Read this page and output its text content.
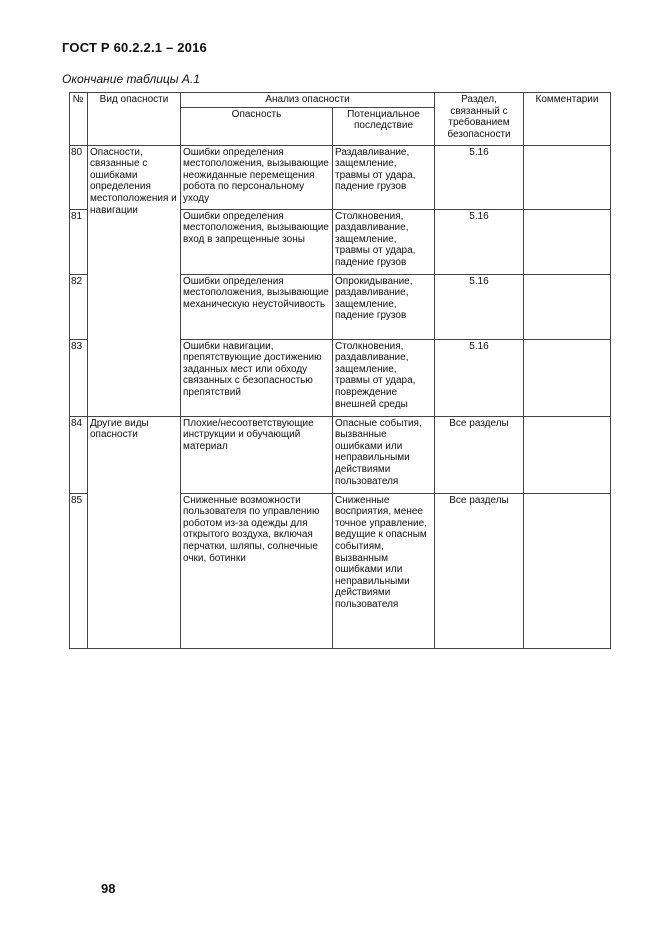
ГОСТ Р 60.2.2.1 – 2016
Окончание таблицы А.1
№	Вид опасности	Анализ опасности		Раздел, связанный с требованием безопасности	Комментарии
		Опасность	Потенциальное последствие		
80	Опасности, связанные с ошибками определения местоположения и навигации	Ошибки определения местоположения, вызывающие неожиданные перемещения робота по персональному уходу	Раздавливание, защемление, травмы от удара, падение грузов	5.16	
81		Ошибки определения местоположения, вызывающие вход в запрещенные зоны	Столкновения, раздавливание, защемление, травмы от удара, падение грузов	5.16	
82		Ошибки определения местоположения, вызывающие механическую неустойчивость	Опрокидывание, раздавливание, защемление, падение грузов	5.16	
83		Ошибки навигации, препятствующие достижению заданных мест или обходу связанных с безопасностью препятствий	Столкновения, раздавливание, защемление, травмы от удара, повреждение внешней среды	5.16	
84	Другие виды опасности	Плохие/несоответствующие инструкции и обучающий материал	Опасные события, вызванные ошибками или неправильными действиями пользователя	Все разделы	
85		Сниженные возможности пользователя по управлению роботом из-за одежды для открытого воздуха, включая перчатки, шляпы, солнечные очки, ботинки	Сниженные восприятия, менее точное управление, ведущие к опасным событиям, вызванным ошибками или неправильными действиями пользователя	Все разделы	
98
